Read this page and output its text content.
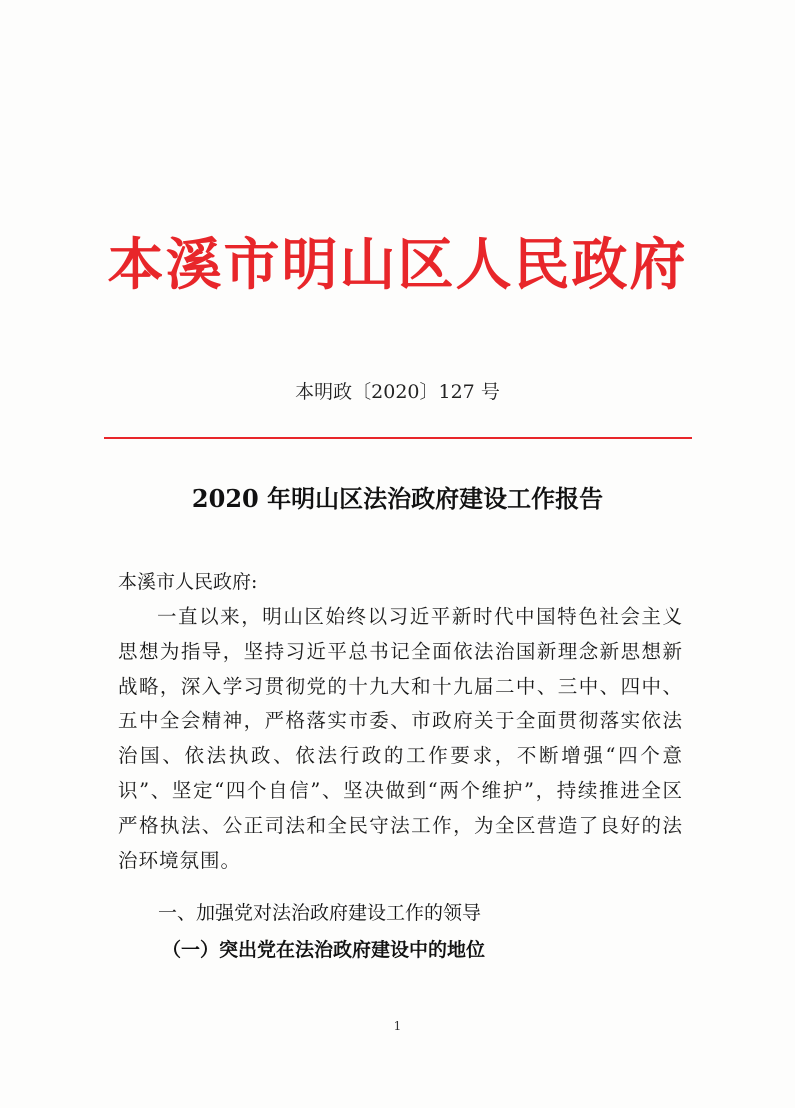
本溪市明山区人民政府
本明政〔2020〕127 号
2020 年明山区法治政府建设工作报告

本溪市人民政府:

一直以来，明山区始终以习近平新时代中国特色社会主义思想为指导，坚持习近平总书记全面依法治国新理念新思想新战略，深入学习贯彻党的十九大和十九届二中、三中、四中、五中全会精神，严格落实市委、市政府关于全面贯彻落实依法治国、依法执政、依法行政的工作要求，不断增强“四个意识”、坚定“四个自信”、坚决做到“两个维护”，持续推进全区严格执法、公正司法和全民守法工作，为全区营造了良好的法治环境氛围。

一、加强党对法治政府建设工作的领导

（一）突出党在法治政府建设中的地位

1
